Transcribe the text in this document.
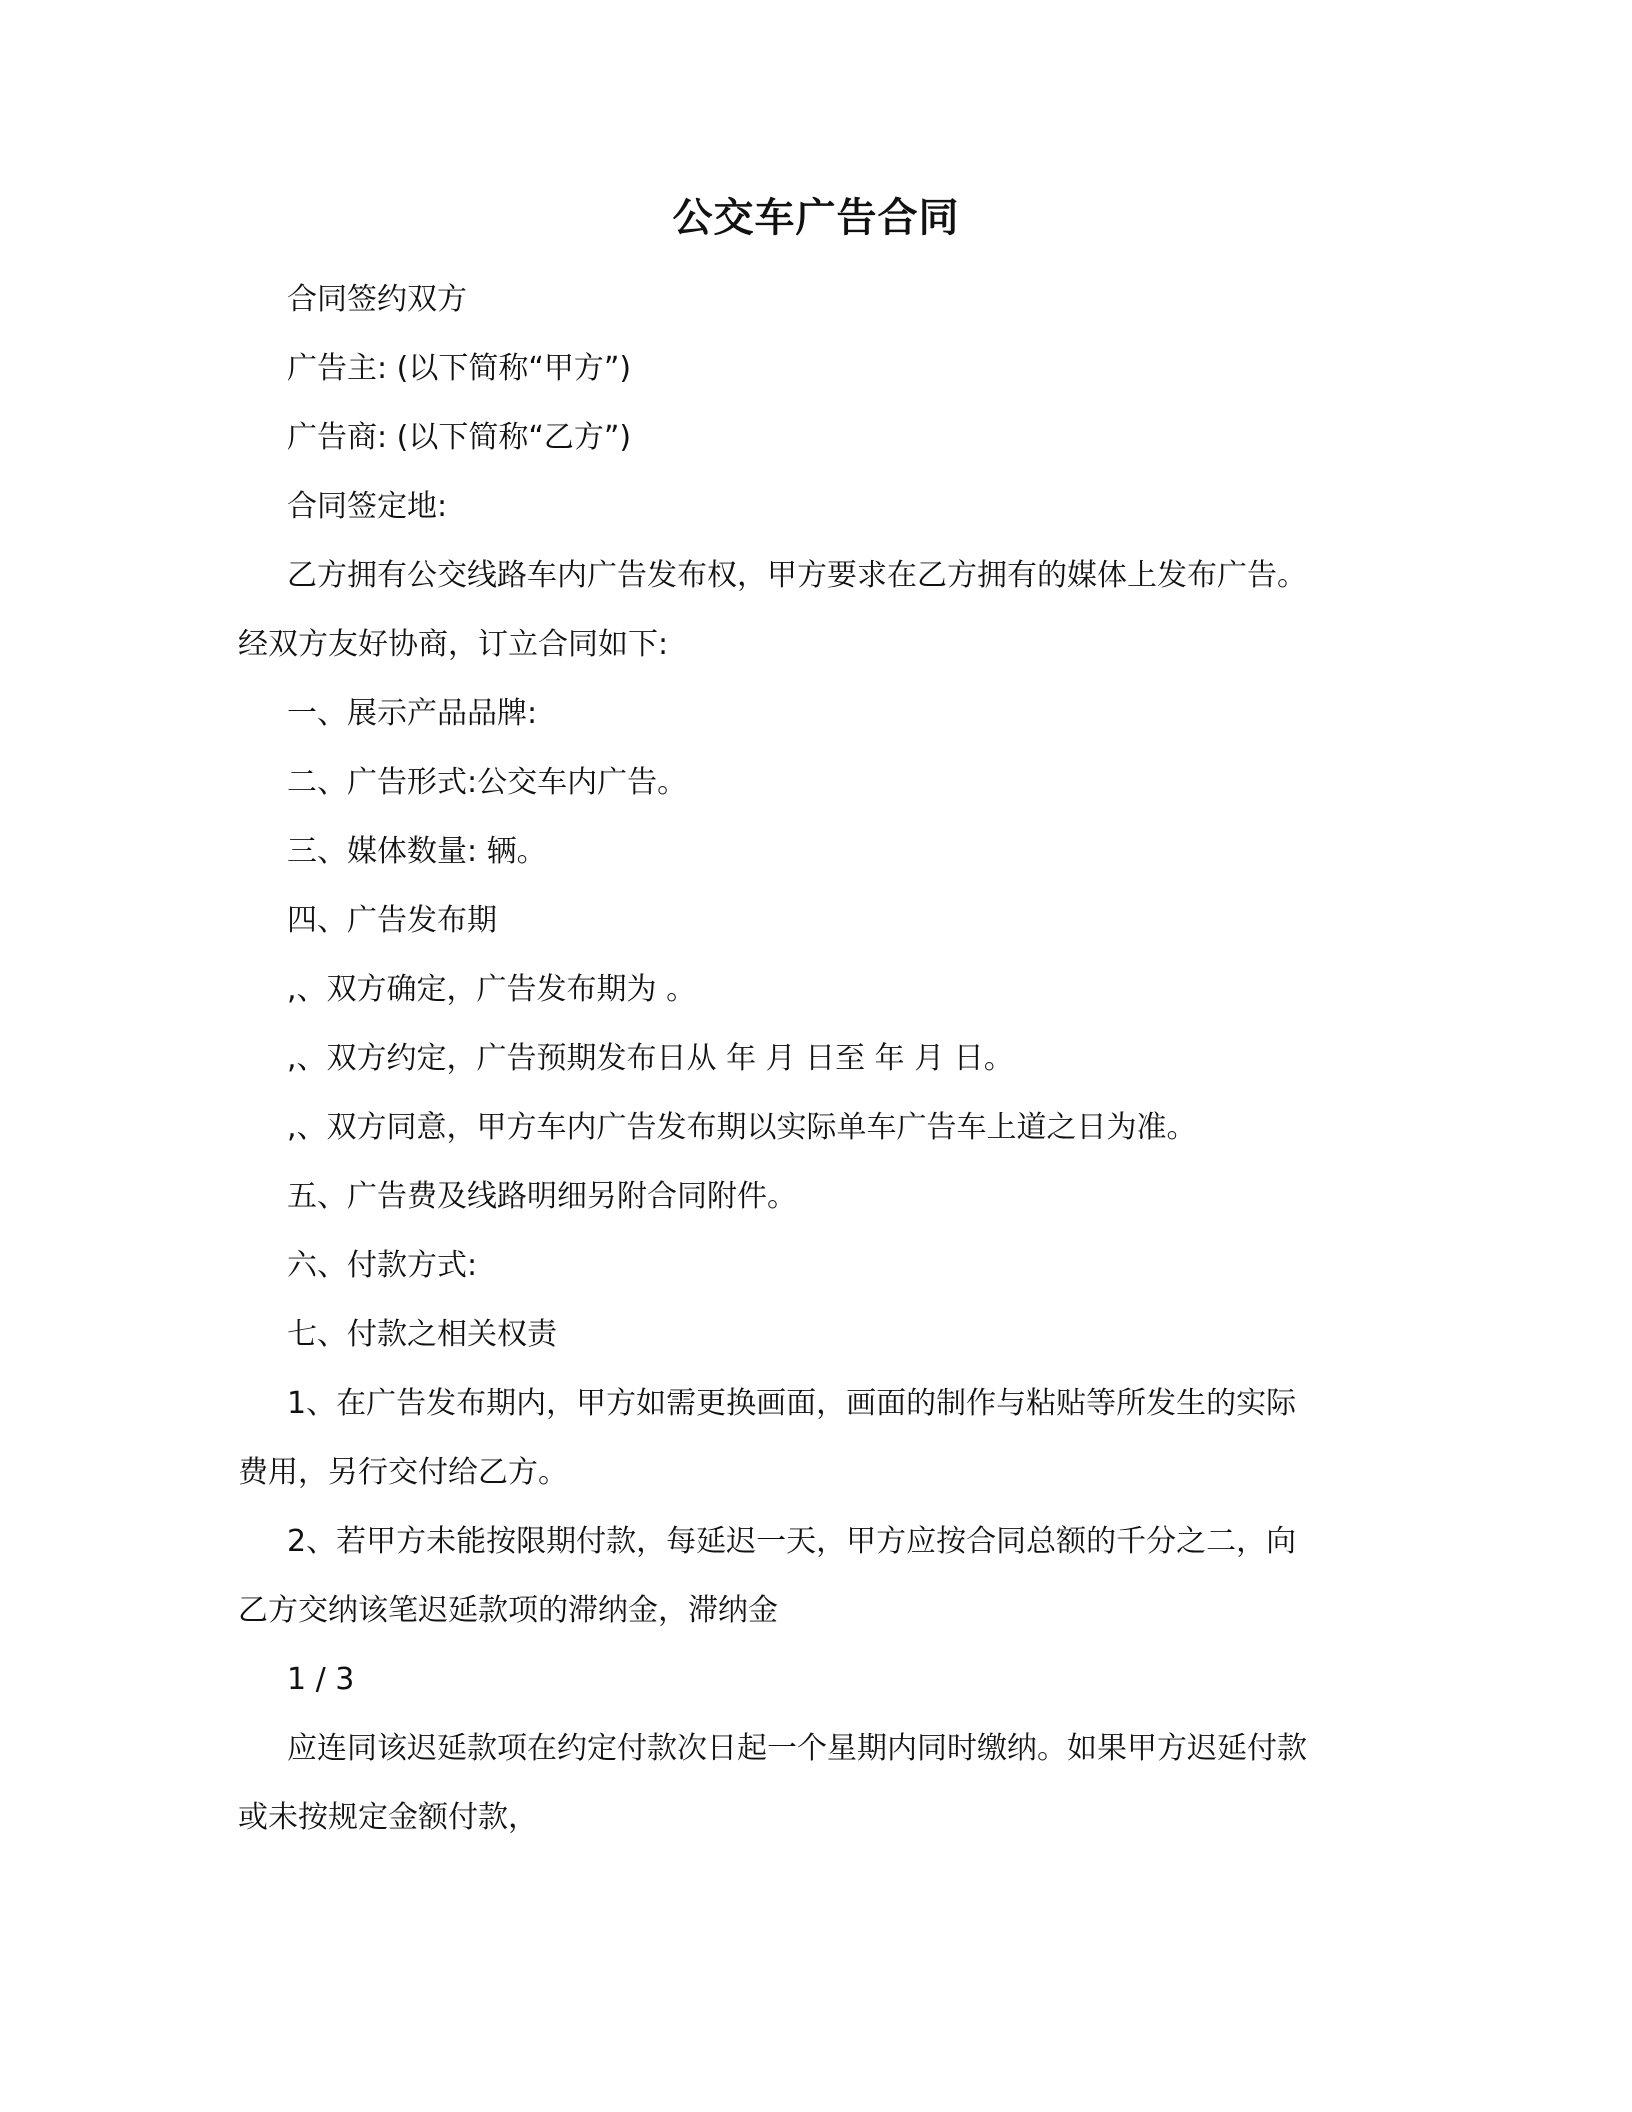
公交车广告合同
合同签约双方
广告主: (以下简称“甲方”)
广告商: (以下简称“乙方”)
合同签定地:
乙方拥有公交线路车内广告发布权，甲方要求在乙方拥有的媒体上发布广告。
经双方友好协商，订立合同如下:
一、展示产品品牌:
二、广告形式:公交车内广告。
三、媒体数量: 辆。
四、广告发布期
,、双方确定，广告发布期为 。
,、双方约定，广告预期发布日从 年 月 日至 年 月 日。
,、双方同意，甲方车内广告发布期以实际单车广告车上道之日为准。
五、广告费及线路明细另附合同附件。
六、付款方式:
七、付款之相关权责
1、在广告发布期内，甲方如需更换画面，画面的制作与粘贴等所发生的实际
费用，另行交付给乙方。
2、若甲方未能按限期付款，每延迟一天，甲方应按合同总额的千分之二，向
乙方交纳该笔迟延款项的滞纳金，滞纳金
1 / 3
应连同该迟延款项在约定付款次日起一个星期内同时缴纳。如果甲方迟延付款
或未按规定金额付款，
